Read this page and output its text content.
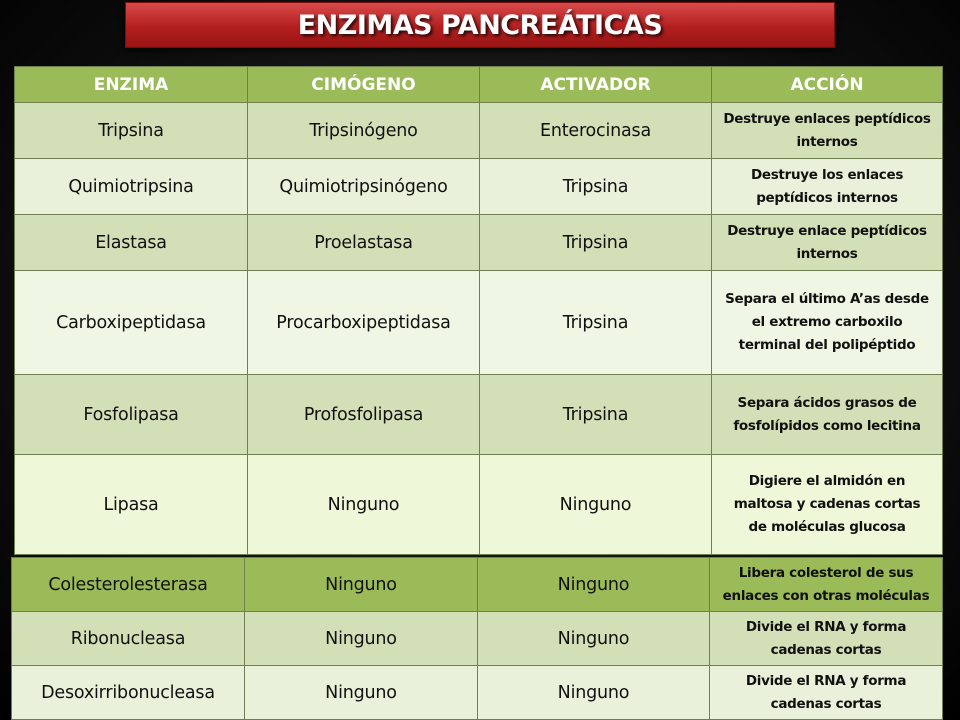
ENZIMAS PANCREÁTICAS
ENZIMA	CIMÓGENO	ACTIVADOR	ACCIÓN
Tripsina	Tripsinógeno	Enterocinasa	Destruye enlaces peptídicos
internos

Quimiotripsina	Quimiotripsinógeno	Tripsina	Destruye los enlaces
peptídicos internos

Elastasa	Proelastasa	Tripsina	Destruye enlace peptídicos
internos

Carboxipeptidasa	Procarboxipeptidasa	Tripsina	Separa el último A’as desde
el extremo carboxilo
terminal del polipéptido

Fosfolipasa	Profosfolipasa	Tripsina	Separa ácidos grasos de
fosfolípidos como lecitina

Lipasa	Ninguno	Ninguno	Digiere el almidón en
maltosa y cadenas cortas
de moléculas glucosa
Colesterolesterasa	Ninguno	Ninguno	Libera colesterol de sus
enlaces con otras moléculas

Ribonucleasa	Ninguno	Ninguno	Divide el RNA y forma
cadenas cortas

Desoxirribonucleasa	Ninguno	Ninguno	Divide el RNA y forma
cadenas cortas
